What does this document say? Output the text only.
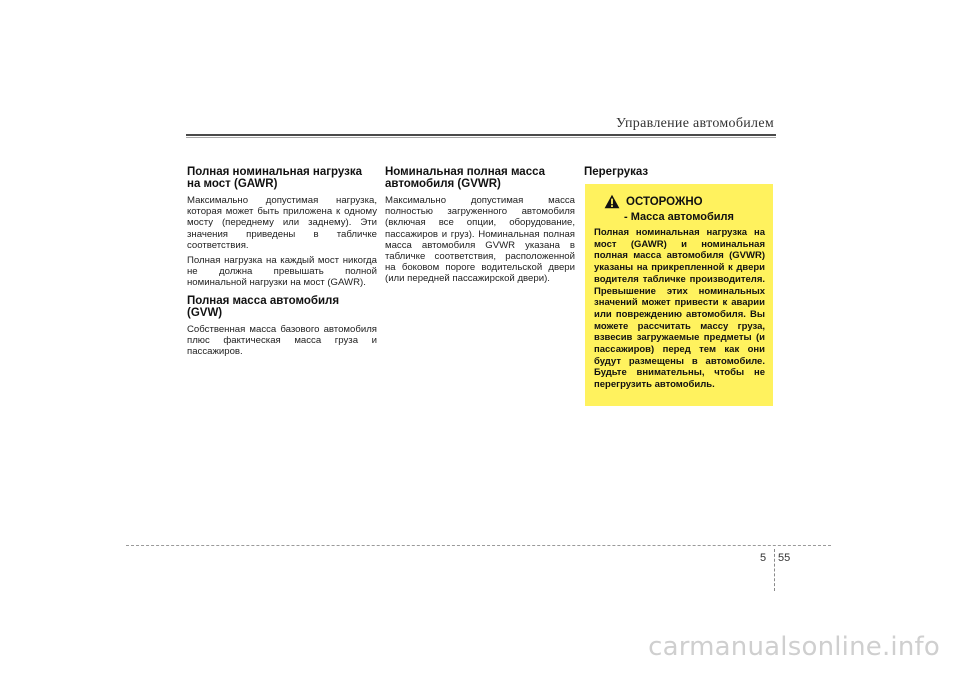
Управление автомобилем
Полная номинальная нагрузка на мост (GAWR)

Максимально допустимая нагрузка, которая может быть приложена к одному мосту (переднему или заднему). Эти значения приведены в табличке соответствия.

Полная нагрузка на каждый мост никогда не должна превышать полной номинальной нагрузки на мост (GAWR).

Полная масса автомобиля (GVW)

Собственная масса базового автомобиля плюс фактическая масса груза и пассажиров.

Номинальная полная масса автомобиля (GVWR)

Максимально допустимая масса полностью загруженного автомобиля (включая все опции, оборудование, пассажиров и груз). Номинальная полная масса автомобиля GVWR указана в табличке соответствия, расположенной на боковом пороге водительской двери (или передней пассажирской двери).

Перегруказ
ОСТОРОЖНО
- Масса автомобиля

Полная номинальная нагрузка на мост (GAWR) и номинальная полная масса автомобиля (GVWR) указаны на прикрепленной к двери водителя табличке производителя. Превышение этих номинальных значений может привести к аварии или повреждению автомобиля. Вы можете рассчитать массу груза, взвесив загружаемые предметы (и пассажиров) перед тем как они будут размещены в автомобиле. Будьте внимательны, чтобы не перегрузить автомобиль.

5 55
carmanualsonline.info
